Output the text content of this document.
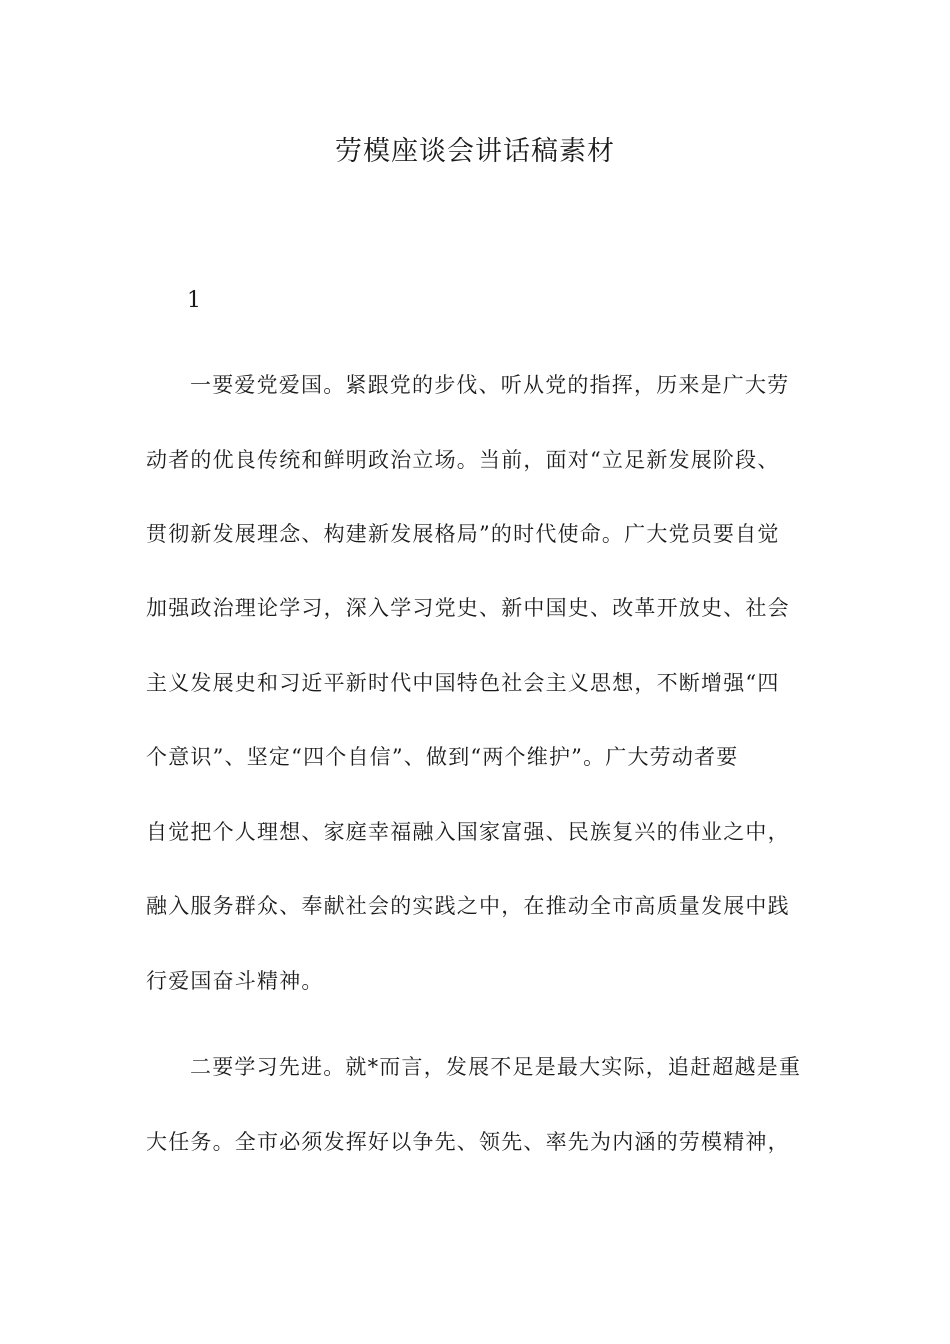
劳模座谈会讲话稿素材
1
一要爱党爱国。紧跟党的步伐、听从党的指挥，历来是广大劳
动者的优良传统和鲜明政治立场。当前，面对“立足新发展阶段、
贯彻新发展理念、构建新发展格局”的时代使命。广大党员要自觉
加强政治理论学习，深入学习党史、新中国史、改革开放史、社会
主义发展史和习近平新时代中国特色社会主义思想，不断增强“四
个意识”、坚定“四个自信”、做到“两个维护”。广大劳动者要
自觉把个人理想、家庭幸福融入国家富强、民族复兴的伟业之中，
融入服务群众、奉献社会的实践之中，在推动全市高质量发展中践
行爱国奋斗精神。
二要学习先进。就*而言，发展不足是最大实际，追赶超越是重
大任务。全市必须发挥好以争先、领先、率先为内涵的劳模精神，
